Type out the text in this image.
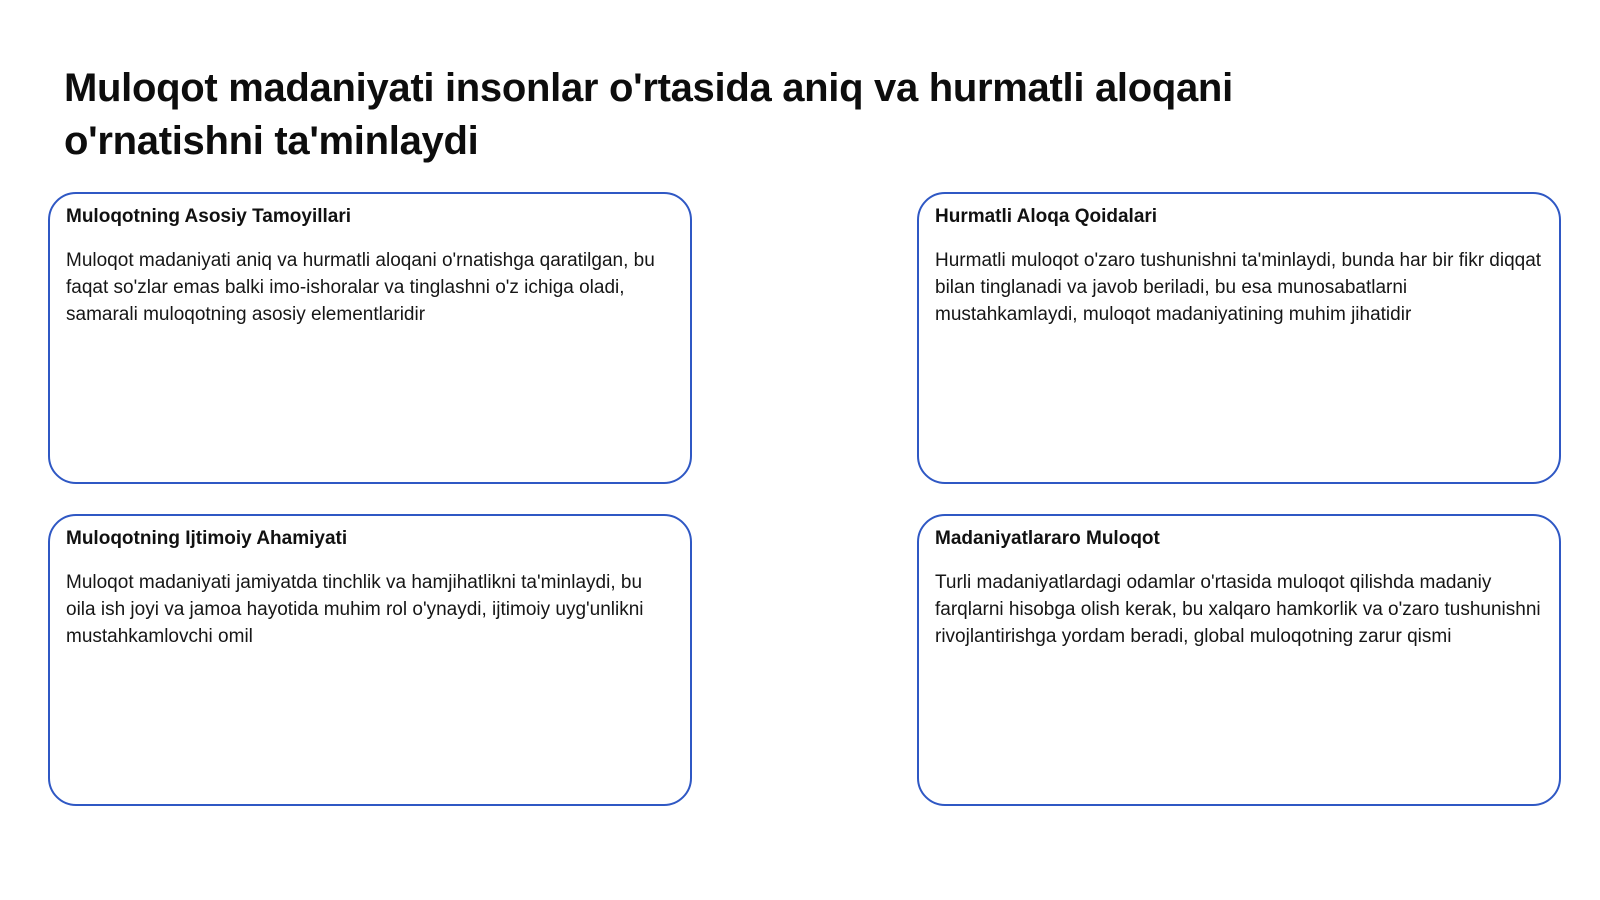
Muloqot madaniyati insonlar o'rtasida aniq va hurmatli aloqani o'rnatishni ta'minlaydi
Muloqotning Asosiy Tamoyillari

Muloqot madaniyati aniq va hurmatli aloqani o'rnatishga qaratilgan, bu faqat so'zlar emas balki imo-ishoralar va tinglashni o'z ichiga oladi, samarali muloqotning asosiy elementlaridir

Hurmatli Aloqa Qoidalari

Hurmatli muloqot o'zaro tushunishni ta'minlaydi, bunda har bir fikr diqqat bilan tinglanadi va javob beriladi, bu esa munosabatlarni mustahkamlaydi, muloqot madaniyatining muhim jihatidir

Muloqotning Ijtimoiy Ahamiyati

Muloqot madaniyati jamiyatda tinchlik va hamjihatlikni ta'minlaydi, bu oila ish joyi va jamoa hayotida muhim rol o'ynaydi, ijtimoiy uyg'unlikni mustahkamlovchi omil

Madaniyatlararo Muloqot

Turli madaniyatlardagi odamlar o'rtasida muloqot qilishda madaniy farqlarni hisobga olish kerak, bu xalqaro hamkorlik va o'zaro tushunishni rivojlantirishga yordam beradi, global muloqotning zarur qismi
